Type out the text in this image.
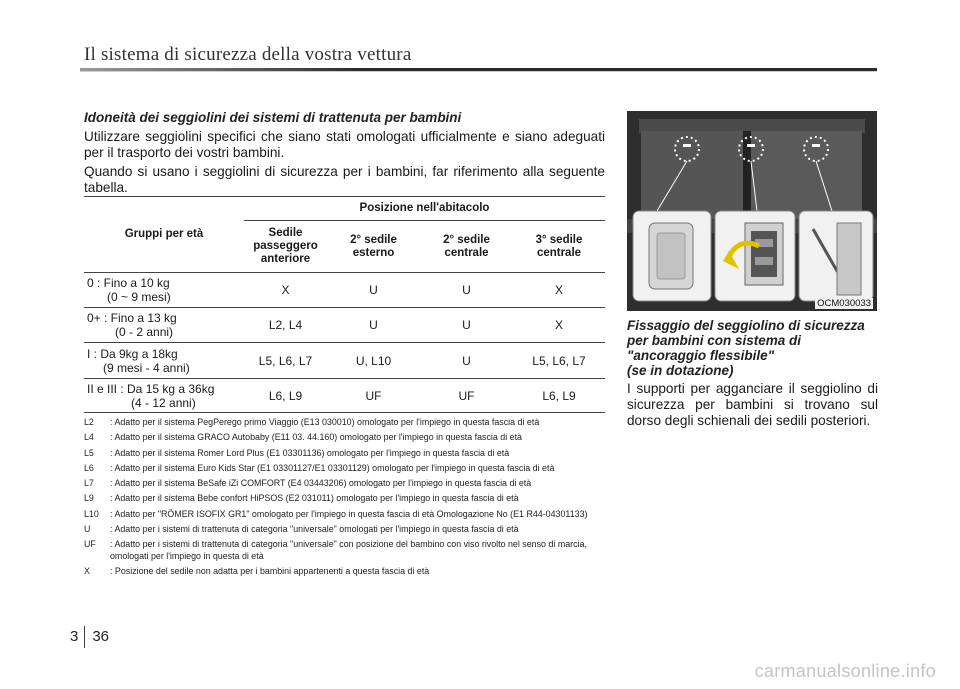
Il sistema di sicurezza della vostra vettura
Idoneità dei seggiolini dei sistemi di trattenuta per bambini

Utilizzare seggiolini specifici che siano stati omologati ufficialmente e siano adeguati per il trasporto dei vostri bambini.

Quando si usano i seggiolini di sicurezza per i bambini, far riferimento alla seguente tabella.

Gruppi per età	Posizione nell'abitacolo			
	Sedile passeggero anteriore	2° sedile esterno	2° sedile centrale	3° sedile centrale
0 : Fino a 10 kg
(0 ~ 9 mesi)	X	U	U	X
0+ : Fino a 13 kg
(0 - 2 anni)	L2, L4	U	U	X
I : Da 9kg a 18kg
(9 mesi - 4 anni)	L5, L6, L7	U, L10	U	L5, L6, L7
II e III : Da 15 kg a 36kg
(4 - 12 anni)	L6, L9	UF	UF	L6, L9
L2	: Adatto per il sistema PegPerego primo Viaggio (E13 030010) omologato per l'impiego in questa fascia di età
L4	: Adatto per il sistema GRACO Autobaby (E11 03. 44.160) omologato per l'impiego in questa fascia di età
L5	: Adatto per il sistema Romer Lord Plus (E1 03301136) omologato per l'impiego in questa fascia di età
L6	: Adatto per il sistema Euro Kids Star (E1 03301127/E1 03301129) omologato per l'impiego in questa fascia di età
L7	: Adatto per il sistema BeSafe iZi COMFORT (E4 03443206) omologato per l'impiego in questa fascia di età
L9	: Adatto per il sistema Bebe confort HiPSOS (E2 031011) omologato per l'impiego in questa fascia di età
L10	: Adatto per "RÖMER ISOFIX GR1" omologato per l'impiego in questa fascia di età Omologazione No (E1 R44-04301133)
U	: Adatto per i sistemi di trattenuta di categoria "universale" omologati per l'impiego in questa fascia di età
UF	: Adatto per i sistemi di trattenuta di categoria "universale" con posizione del bambino con viso rivolto nel senso di marcia, omologati per l'impiego in questa di età
X	: Posizione del sedile non adatta per i bambini appartenenti a questa fascia di età
OCM030033
Fissaggio del seggiolino di sicurezza
per bambini con sistema di
"ancoraggio flessibile"
(se in dotazione)

I supporti per agganciare il seggiolino di sicurezza per bambini si trovano sul dorso degli schienali dei sedili posteriori.

3 36
carmanualsonline.info
